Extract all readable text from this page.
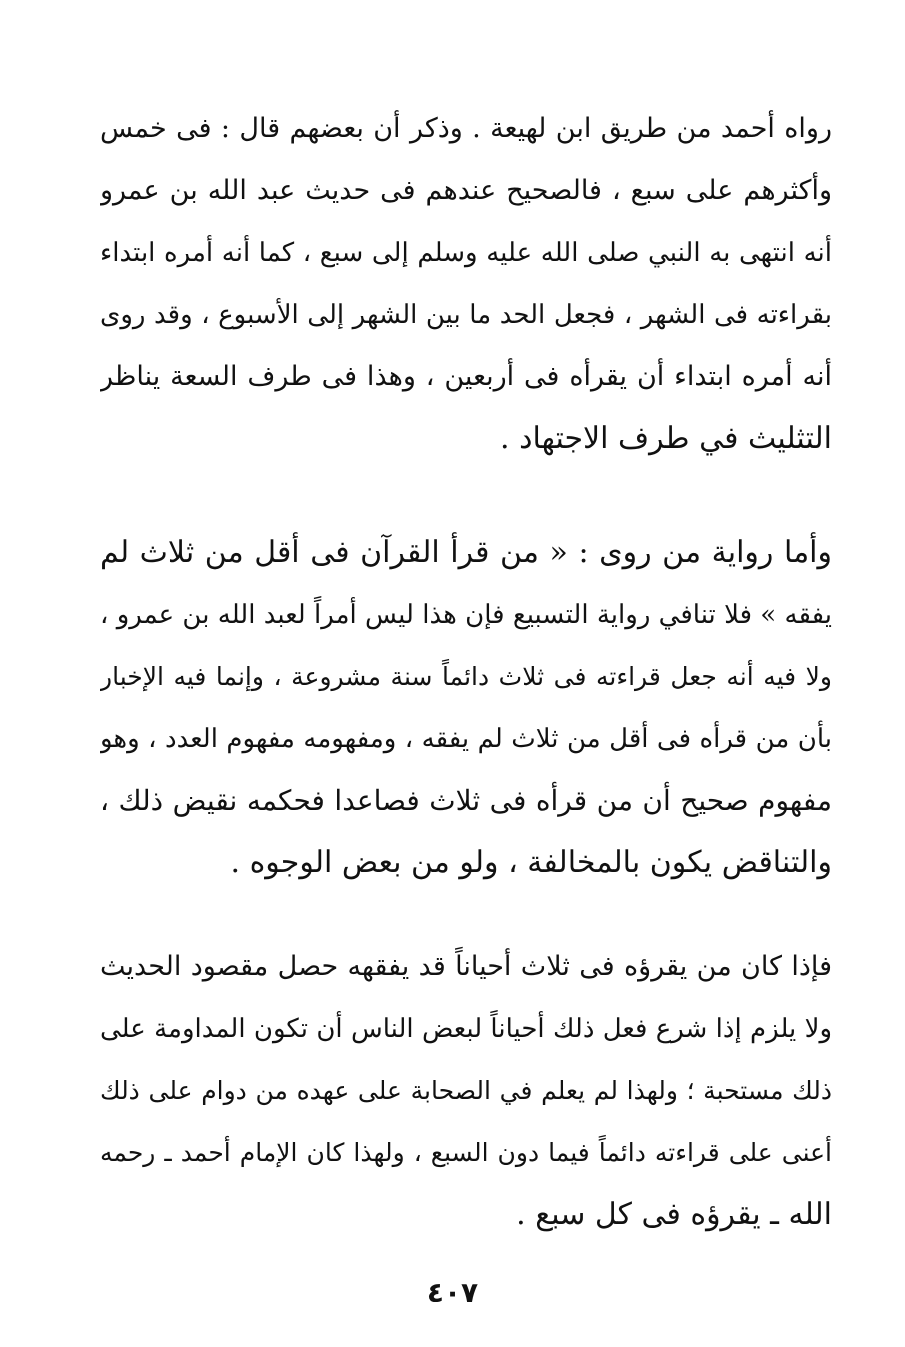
رواه أحمد من طريق ابن لهيعة . وذكر أن بعضهم قال : فى خمس
وأكثرهم على سبع ، فالصحيح عندهم فى حديث عبد الله بن عمرو
أنه انتهى به النبي صلى الله عليه وسلم إلى سبع ، كما أنه أمره ابتداء
بقراءته فى الشهر ، فجعل الحد ما بين الشهر إلى الأسبوع ، وقد روى
أنه أمره ابتداء أن يقرأه فى أربعين ، وهذا فى طرف السعة يناظر
التثليث في طرف الاجتهاد .
وأما رواية من روى : « من قرأ القرآن فى أقل من ثلاث لم
يفقه » فلا تنافي رواية التسبيع فإن هذا ليس أمراً لعبد الله بن عمرو ،
ولا فيه أنه جعل قراءته فى ثلاث دائماً سنة مشروعة ، وإنما فيه الإخبار
بأن من قرأه فى أقل من ثلاث لم يفقه ، ومفهومه مفهوم العدد ، وهو
مفهوم صحيح أن من قرأه فى ثلاث فصاعدا فحكمه نقيض ذلك ،
والتناقض يكون بالمخالفة ، ولو من بعض الوجوه .
فإذا كان من يقرؤه فى ثلاث أحياناً قد يفقهه حصل مقصود الحديث
ولا يلزم إذا شرع فعل ذلك أحياناً لبعض الناس أن تكون المداومة على
ذلك مستحبة ؛ ولهذا لم يعلم في الصحابة على عهده من دوام على ذلك
أعنى على قراءته دائماً فيما دون السبع ، ولهذا كان الإمام أحمد ـ رحمه
الله ـ يقرؤه فى كل سبع .
٤٠٧
